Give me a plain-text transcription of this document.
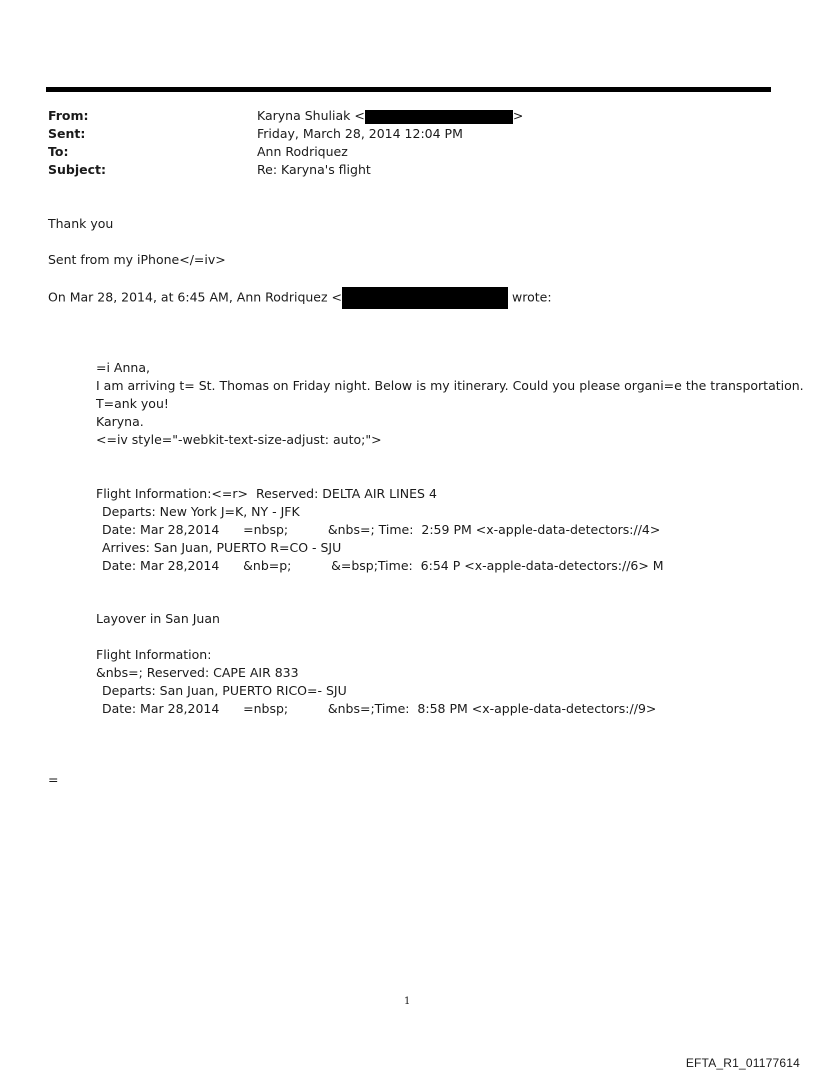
From:	Karyna Shuliak <	>
Sent:	Friday, March 28, 2014 12:04 PM
To:	Ann Rodriquez
Subject:	Re: Karyna's flight
Thank you
Sent from my iPhone</=iv>
On Mar 28, 2014, at 6:45 AM, Ann Rodriquez <	wrote:
=i Anna,
I am arriving t= St. Thomas on Friday night. Below is my itinerary. Could you please organi=e the transportation.
T=ank you!
Karyna.
<=iv style="-webkit-text-size-adjust: auto;">
Flight Information:<=r>  Reserved: DELTA AIR LINES 4
Departs: New York J=K, NY - JFK
Date: Mar 28,2014      =nbsp;          &nbs=; Time:  2:59 PM <x-apple-data-detectors://4>
Arrives: San Juan, PUERTO R=CO - SJU
Date: Mar 28,2014      &nb=p;          &=bsp;Time:  6:54 P <x-apple-data-detectors://6> M
Layover in San Juan
Flight Information:
&nbs=; Reserved: CAPE AIR 833
Departs: San Juan, PUERTO RICO=- SJU
Date: Mar 28,2014      =nbsp;          &nbs=;Time:  8:58 PM <x-apple-data-detectors://9>
=
1
EFTA_R1_01177614
